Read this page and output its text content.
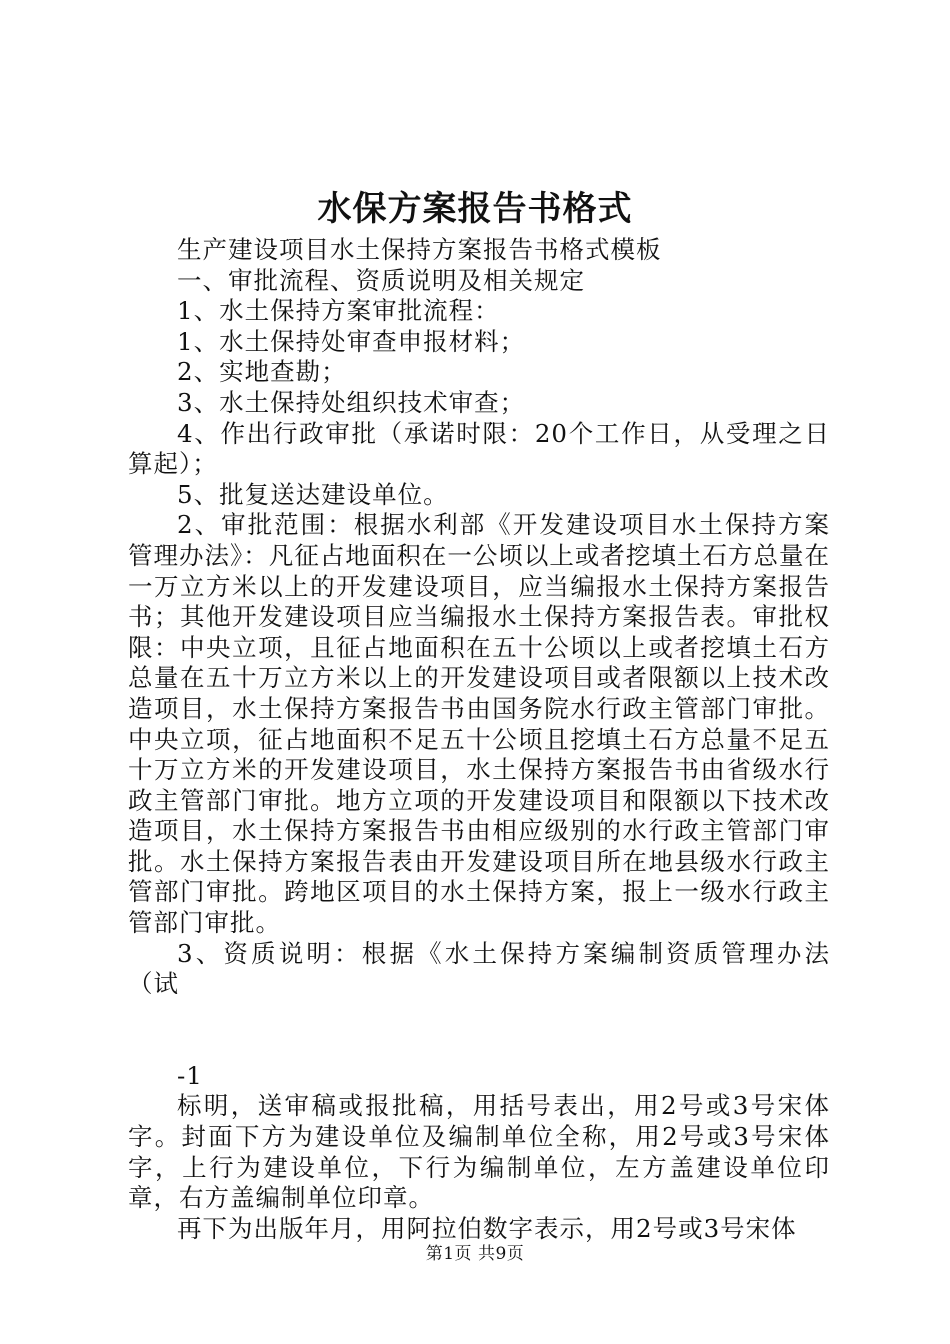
水保方案报告书格式

生产建设项目水土保持方案报告书格式模板

一、审批流程、资质说明及相关规定

1、水土保持方案审批流程：

1、水土保持处审查申报材料；

2、实地查勘；

3、水土保持处组织技术审查；

4、作出行政审批（承诺时限：20个工作日，从受理之日算起）；

5、批复送达建设单位。

2、审批范围：根据水利部《开发建设项目水土保持方案管理办法》：凡征占地面积在一公顷以上或者挖填土石方总量在一万立方米以上的开发建设项目，应当编报水土保持方案报告书；其他开发建设项目应当编报水土保持方案报告表。审批权限：中央立项，且征占地面积在五十公顷以上或者挖填土石方总量在五十万立方米以上的开发建设项目或者限额以上技术改造项目，水土保持方案报告书由国务院水行政主管部门审批。中央立项，征占地面积不足五十公顷且挖填土石方总量不足五十万立方米的开发建设项目，水土保持方案报告书由省级水行政主管部门审批。地方立项的开发建设项目和限额以下技术改造项目，水土保持方案报告书由相应级别的水行政主管部门审批。水土保持方案报告表由开发建设项目所在地县级水行政主管部门审批。跨地区项目的水土保持方案，报上一级水行政主管部门审批。

3、资质说明：根据《水土保持方案编制资质管理办法（试

-1

标明，送审稿或报批稿，用括号表出，用2号或3号宋体字。封面下方为建设单位及编制单位全称，用2号或3号宋体字，上行为建设单位，下行为编制单位，左方盖建设单位印章，右方盖编制单位印章。

再下为出版年月，用阿拉伯数字表示，用2号或3号宋体

第1页 共9页
